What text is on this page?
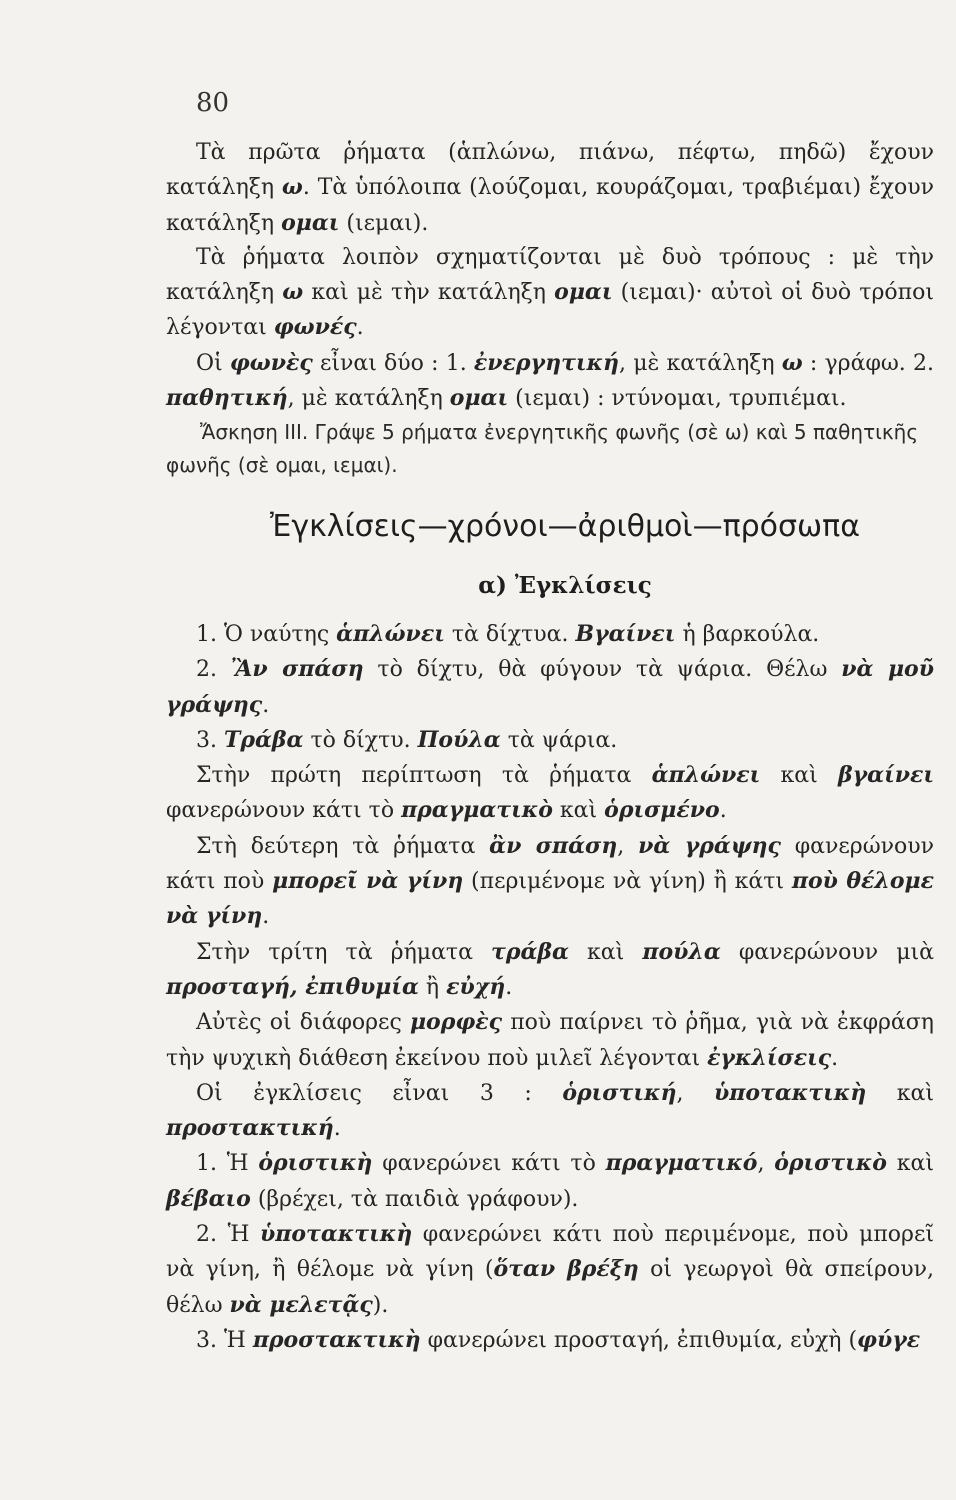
80

Τὰ πρῶτα ῥήματα (ἁπλώνω, πιάνω, πέφτω, πηδῶ) ἔχουν κατάληξη ω. Τὰ ὑπόλοιπα (λούζομαι, κουράζομαι, τραβιέμαι) ἔχουν κατάληξη ομαι (ιεμαι).

Τὰ ῥήματα λοιπὸν σχηματίζονται μὲ δυὸ τρόπους : μὲ τὴν κατάληξη ω καὶ μὲ τὴν κατάληξη ομαι (ιεμαι)· αὐτοὶ οἱ δυὸ τρόποι λέγονται φωνές.

Οἱ φωνὲς εἶναι δύο : 1. ἐνεργητική, μὲ κατάληξη ω : γράφω. 2. παθητική, μὲ κατάληξη ομαι (ιεμαι) : ντύνομαι, τρυπιέμαι.

Ἄσκηση ΙΙΙ. Γράψε 5 ρήματα ἐνεργητικῆς φωνῆς (σὲ ω) καὶ 5 παθητικῆς φωνῆς (σὲ ομαι, ιεμαι).

Ἐγκλίσεις—χρόνοι—ἀριθμοὶ—πρόσωπα
α) Ἐγκλίσεις

1. Ὁ ναύτης ἁπλώνει τὰ δίχτυα. Βγαίνει ἡ βαρκούλα.

2. Ἂν σπάση τὸ δίχτυ, θὰ φύγουν τὰ ψάρια. Θέλω νὰ μοῦ γράψης.

3. Τράβα τὸ δίχτυ. Πούλα τὰ ψάρια.

Στὴν πρώτη περίπτωση τὰ ῥήματα ἁπλώνει καὶ βγαίνει φανερώνουν κάτι τὸ πραγματικὸ καὶ ὁρισμένο.

Στὴ δεύτερη τὰ ῥήματα ἂν σπάση, νὰ γράψης φανερώνουν κάτι ποὺ μπορεῖ νὰ γίνη (περιμένομε νὰ γίνη) ἢ κάτι ποὺ θέλομε νὰ γίνη.

Στὴν τρίτη τὰ ῥήματα τράβα καὶ πούλα φανερώνουν μιὰ προσταγή, ἐπιθυμία ἢ εὐχή.

Αὐτὲς οἱ διάφορες μορφὲς ποὺ παίρνει τὸ ῥῆμα, γιὰ νὰ ἐκφράση τὴν ψυχικὴ διάθεση ἐκείνου ποὺ μιλεῖ λέγονται ἐγκλίσεις.

Οἱ ἐγκλίσεις εἶναι 3 : ὁριστική, ὑποτακτικὴ καὶ προστακτική.

1. Ἡ ὁριστικὴ φανερώνει κάτι τὸ πραγματικό, ὁριστικὸ καὶ βέβαιο (βρέχει, τὰ παιδιὰ γράφουν).

2. Ἡ ὑποτακτικὴ φανερώνει κάτι ποὺ περιμένομε, ποὺ μπορεῖ νὰ γίνη, ἢ θέλομε νὰ γίνη (ὅταν βρέξη οἱ γεωργοὶ θὰ σπείρουν, θέλω νὰ μελετᾷς).

3. Ἡ προστακτικὴ φανερώνει προσταγή, ἐπιθυμία, εὐχὴ (φύγε
